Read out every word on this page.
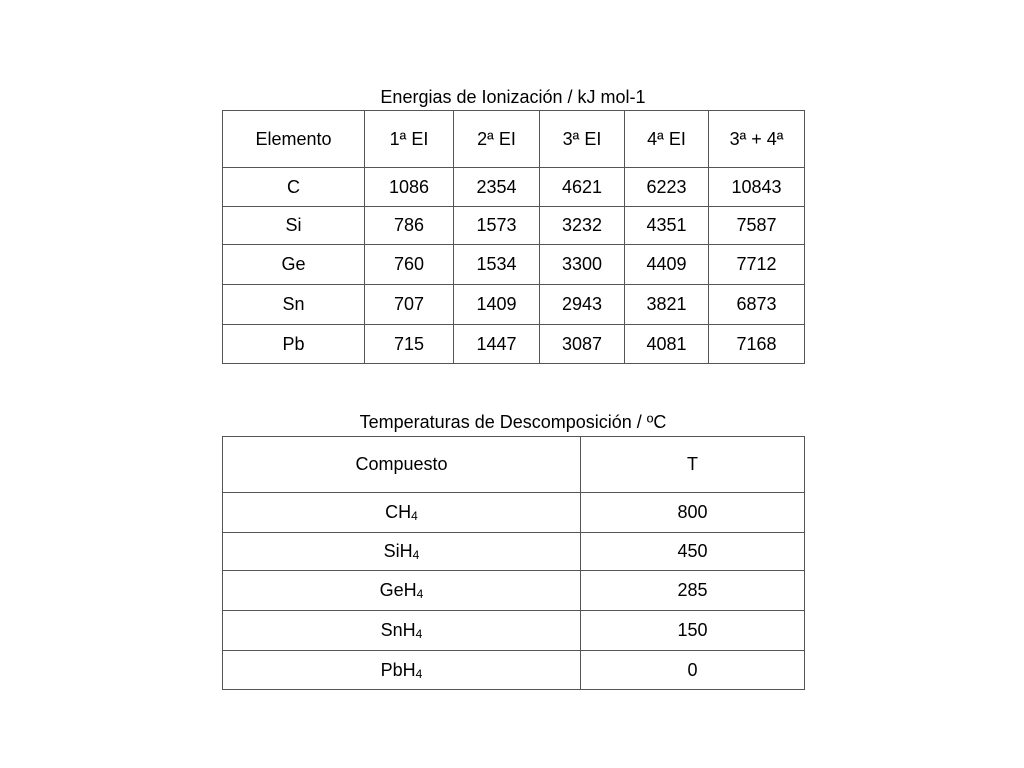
Energias de Ionización / kJ mol-1
Elemento	1ª EI	2ª EI	3ª EI	4ª EI	3ª + 4ª
C	1086	2354	4621	6223	10843
Si	786	1573	3232	4351	7587
Ge	760	1534	3300	4409	7712
Sn	707	1409	2943	3821	6873
Pb	715	1447	3087	4081	7168
Temperaturas de Descomposición / ºC
Compuesto	T
$CH_4$	800
SiH$_4$	450
GeH$_4$	285
SnH$_4$	150
PbH$_4$	0
